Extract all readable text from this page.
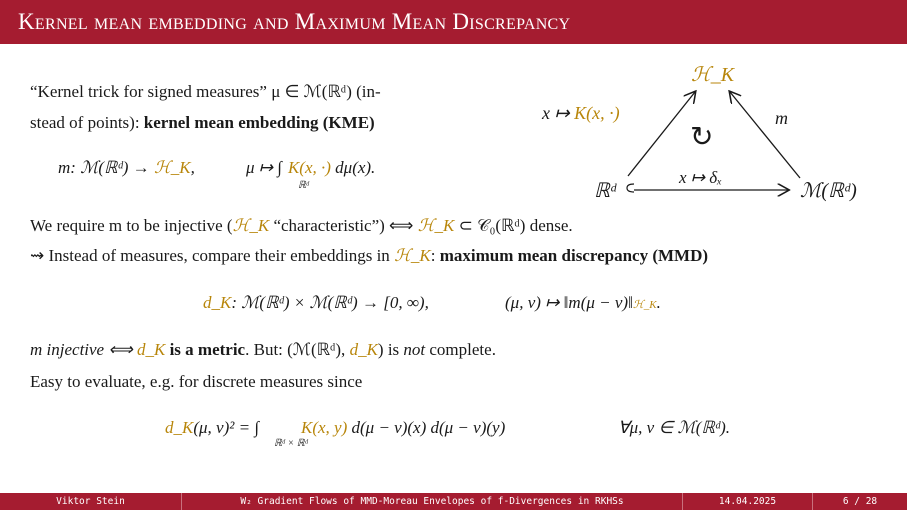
Kernel mean embedding and Maximum Mean Discrepancy
“Kernel trick for signed measures” μ ∈ ℳ(ℝᵈ) (in-
stead of points): kernel mean embedding (KME)
m: ℳ(ℝᵈ) → ℋ_K,	μ ↦ ∫ K(x, ·) dμ(x).
ℝᵈ
We require m to be injective (ℋ_K “characteristic”) ⟺ ℋ_K ⊂ 𝒞₀(ℝᵈ) dense.
⇝ Instead of measures, compare their embeddings in ℋ_K: maximum mean discrepancy (MMD)
d_K: ℳ(ℝᵈ) × ℳ(ℝᵈ) → [0, ∞),	(μ, ν) ↦ ‖m(μ − ν)‖ℋ_K.
m injective ⟺ d_K is a metric. But: (ℳ(ℝᵈ), d_K) is not complete.
Easy to evaluate, e.g. for discrete measures since
d_K(μ, ν)² = ∫ K(x, y) d(μ − ν)(x) d(μ − ν)(y)
ℝᵈ × ℝᵈ
∀μ, ν ∈ ℳ(ℝᵈ).
ℋ_K
ℝᵈ	ℳ(ℝᵈ)
x ↦ K(x, ·)	m
x ↦ δₓ
↻
Viktor Stein	W₂ Gradient Flows of MMD-Moreau Envelopes of f-Divergences in RKHSs	14.04.2025	6 / 28
